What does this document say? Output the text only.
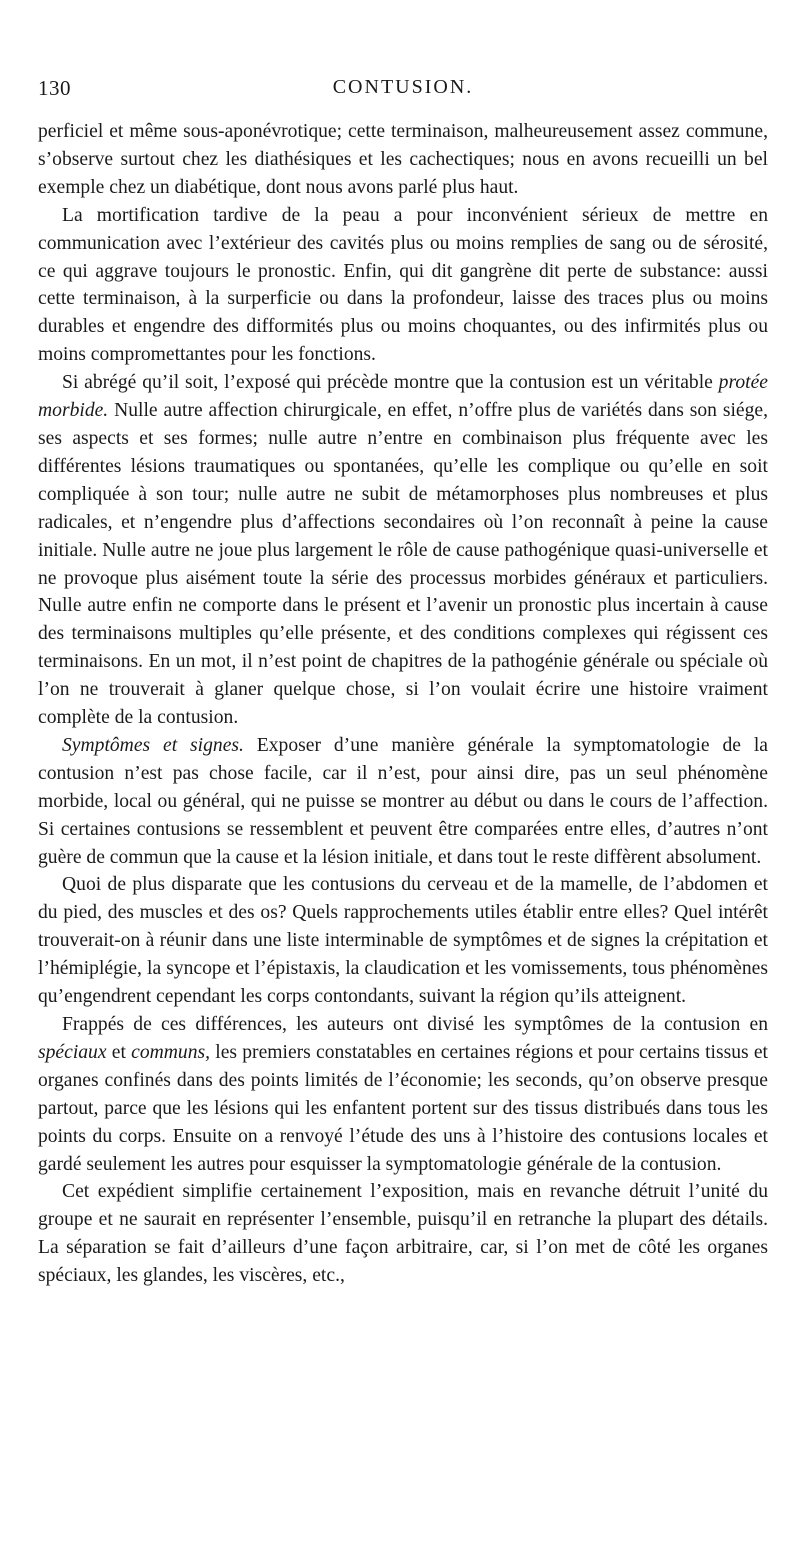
130	CONTUSION.

perficiel et même sous-aponévrotique; cette terminaison, malheureusement assez commune, s’observe surtout chez les diathésiques et les cachectiques; nous en avons recueilli un bel exemple chez un diabétique, dont nous avons parlé plus haut.

La mortification tardive de la peau a pour inconvénient sérieux de mettre en communication avec l’extérieur des cavités plus ou moins remplies de sang ou de sérosité, ce qui aggrave toujours le pronostic. Enfin, qui dit gangrène dit perte de substance: aussi cette terminaison, à la surperficie ou dans la profondeur, laisse des traces plus ou moins durables et engendre des difformités plus ou moins choquantes, ou des infirmités plus ou moins compromettantes pour les fonctions.

Si abrégé qu’il soit, l’exposé qui précède montre que la contusion est un véritable protée morbide. Nulle autre affection chirurgicale, en effet, n’offre plus de variétés dans son siége, ses aspects et ses formes; nulle autre n’entre en combinaison plus fréquente avec les différentes lésions traumatiques ou spontanées, qu’elle les complique ou qu’elle en soit compliquée à son tour; nulle autre ne subit de métamorphoses plus nombreuses et plus radicales, et n’engendre plus d’affections secondaires où l’on reconnaît à peine la cause initiale. Nulle autre ne joue plus largement le rôle de cause pathogénique quasi-universelle et ne provoque plus aisément toute la série des processus morbides généraux et particuliers. Nulle autre enfin ne comporte dans le présent et l’avenir un pronostic plus incertain à cause des terminaisons multiples qu’elle présente, et des conditions complexes qui régissent ces terminaisons. En un mot, il n’est point de chapitres de la pathogénie générale ou spéciale où l’on ne trouverait à glaner quelque chose, si l’on voulait écrire une histoire vraiment complète de la contusion.

Symptômes et signes. Exposer d’une manière générale la symptomatologie de la contusion n’est pas chose facile, car il n’est, pour ainsi dire, pas un seul phénomène morbide, local ou général, qui ne puisse se montrer au début ou dans le cours de l’affection. Si certaines contusions se ressemblent et peuvent être comparées entre elles, d’autres n’ont guère de commun que la cause et la lésion initiale, et dans tout le reste diffèrent absolument.

Quoi de plus disparate que les contusions du cerveau et de la mamelle, de l’abdomen et du pied, des muscles et des os? Quels rapprochements utiles établir entre elles? Quel intérêt trouverait-on à réunir dans une liste interminable de symptômes et de signes la crépitation et l’hémiplégie, la syncope et l’épistaxis, la claudication et les vomissements, tous phénomènes qu’engendrent cependant les corps contondants, suivant la région qu’ils atteignent.

Frappés de ces différences, les auteurs ont divisé les symptômes de la contusion en spéciaux et communs, les premiers constatables en certaines régions et pour certains tissus et organes confinés dans des points limités de l’économie; les seconds, qu’on observe presque partout, parce que les lésions qui les enfantent portent sur des tissus distribués dans tous les points du corps. Ensuite on a renvoyé l’étude des uns à l’histoire des contusions locales et gardé seulement les autres pour esquisser la symptomatologie générale de la contusion.

Cet expédient simplifie certainement l’exposition, mais en revanche détruit l’unité du groupe et ne saurait en représenter l’ensemble, puisqu’il en retranche la plupart des détails. La séparation se fait d’ailleurs d’une façon arbitraire, car, si l’on met de côté les organes spéciaux, les glandes, les viscères, etc.,
